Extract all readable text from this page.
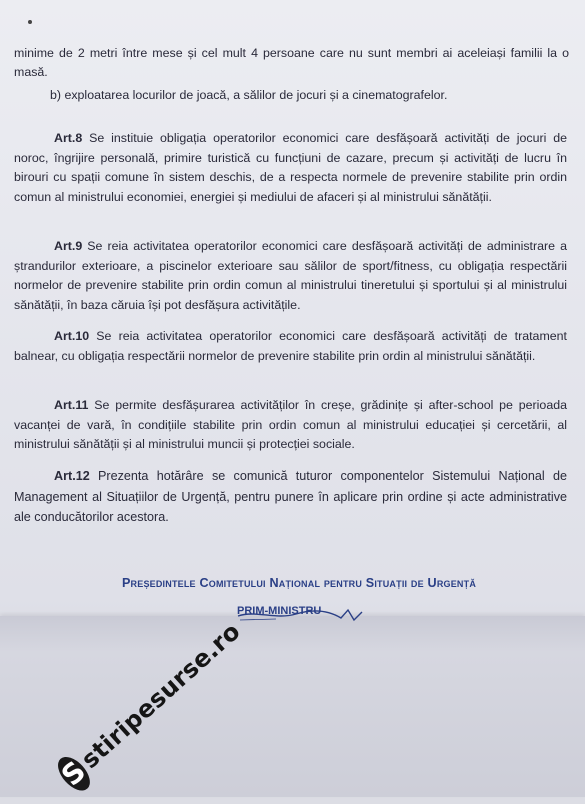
minime de 2 metri între mese și cel mult 4 persoane care nu sunt membri ai aceleiași familii la o masă.
b) exploatarea locurilor de joacă, a sălilor de jocuri și a cinematografelor.
Art.8 Se instituie obligația operatorilor economici care desfășoară activități de jocuri de noroc, îngrijire personală, primire turistică cu funcțiuni de cazare, precum și activități de lucru în birouri cu spații comune în sistem deschis, de a respecta normele de prevenire stabilite prin ordin comun al ministrului economiei, energiei și mediului de afaceri și al ministrului sănătății.
Art.9 Se reia activitatea operatorilor economici care desfășoară activități de administrare a ștrandurilor exterioare, a piscinelor exterioare sau sălilor de sport/fitness, cu obligația respectării normelor de prevenire stabilite prin ordin comun al ministrului tineretului și sportului și al ministrului sănătății, în baza căruia își pot desfășura activitățile.
Art.10 Se reia activitatea operatorilor economici care desfășoară activități de tratament balnear, cu obligația respectării normelor de prevenire stabilite prin ordin al ministrului sănătății.
Art.11 Se permite desfășurarea activităților în creșe, grădinițe și after-school pe perioada vacanței de vară, în condițiile stabilite prin ordin comun al ministrului educației și cercetării, al ministrului sănătății și al ministrului muncii și protecției sociale.
Art.12 Prezenta hotărâre se comunică tuturor componentelor Sistemului Național de Management al Situațiilor de Urgență, pentru punere în aplicare prin ordine și acte administrative ale conducătorilor acestora.
Președintele Comitetului Național pentru Situații de Urgență
PRIM-MINISTRU
S
stiripesurse.ro
